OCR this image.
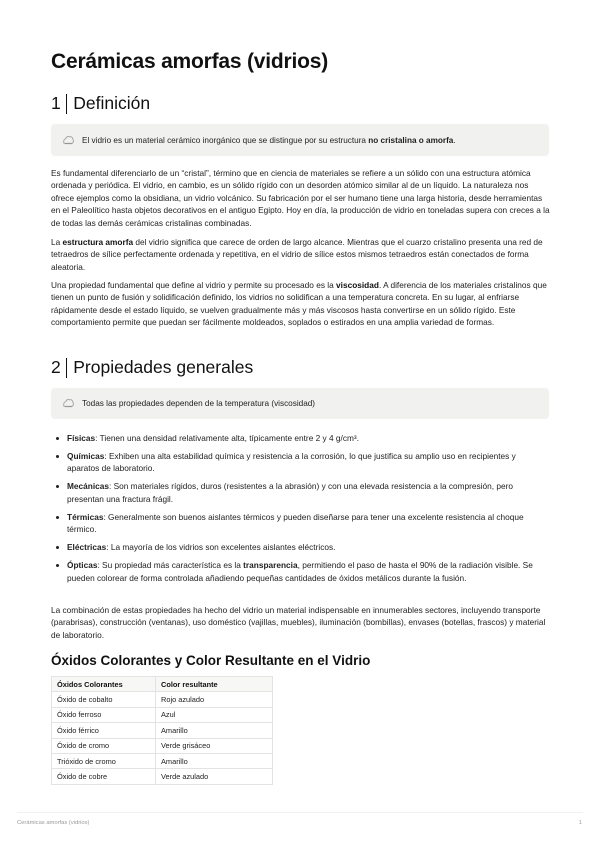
Cerámicas amorfas (vidrios)
1 Definición
El vidrio es un material cerámico inorgánico que se distingue por su estructura no cristalina o amorfa.

Es fundamental diferenciarlo de un “cristal”, término que en ciencia de materiales se refiere a un sólido con una estructura atómica ordenada y periódica. El vidrio, en cambio, es un sólido rígido con un desorden atómico similar al de un líquido. La naturaleza nos ofrece ejemplos como la obsidiana, un vidrio volcánico. Su fabricación por el ser humano tiene una larga historia, desde herramientas en el Paleolítico hasta objetos decorativos en el antiguo Egipto. Hoy en día, la producción de vidrio en toneladas supera con creces a la de todas las demás cerámicas cristalinas combinadas.

La estructura amorfa del vidrio significa que carece de orden de largo alcance. Mientras que el cuarzo cristalino presenta una red de tetraedros de sílice perfectamente ordenada y repetitiva, en el vidrio de sílice estos mismos tetraedros están conectados de forma aleatoria.

Una propiedad fundamental que define al vidrio y permite su procesado es la viscosidad. A diferencia de los materiales cristalinos que tienen un punto de fusión y solidificación definido, los vidrios no solidifican a una temperatura concreta. En su lugar, al enfriarse rápidamente desde el estado líquido, se vuelven gradualmente más y más viscosos hasta convertirse en un sólido rígido. Este comportamiento permite que puedan ser fácilmente moldeados, soplados o estirados en una amplia variedad de formas.

2 Propiedades generales
Todas las propiedades dependen de la temperatura (viscosidad)
Físicas: Tienen una densidad relativamente alta, típicamente entre 2 y 4 g/cm³.
Químicas: Exhiben una alta estabilidad química y resistencia a la corrosión, lo que justifica su amplio uso en recipientes y aparatos de laboratorio.
Mecánicas: Son materiales rígidos, duros (resistentes a la abrasión) y con una elevada resistencia a la compresión, pero presentan una fractura frágil.
Térmicas: Generalmente son buenos aislantes térmicos y pueden diseñarse para tener una excelente resistencia al choque térmico.
Eléctricas: La mayoría de los vidrios son excelentes aislantes eléctricos.
Ópticas: Su propiedad más característica es la transparencia, permitiendo el paso de hasta el 90% de la radiación visible. Se pueden colorear de forma controlada añadiendo pequeñas cantidades de óxidos metálicos durante la fusión.

La combinación de estas propiedades ha hecho del vidrio un material indispensable en innumerables sectores, incluyendo transporte (parabrisas), construcción (ventanas), uso doméstico (vajillas, muebles), iluminación (bombillas), envases (botellas, frascos) y material de laboratorio.

Óxidos Colorantes y Color Resultante en el Vidrio
Óxidos Colorantes	Color resultante
Óxido de cobalto	Rojo azulado
Óxido ferroso	Azul
Óxido férrico	Amarillo
Óxido de cromo	Verde grisáceo
Trióxido de cromo	Amarillo
Óxido de cobre	Verde azulado
Cerámicas amorfas (vidrios)	1
